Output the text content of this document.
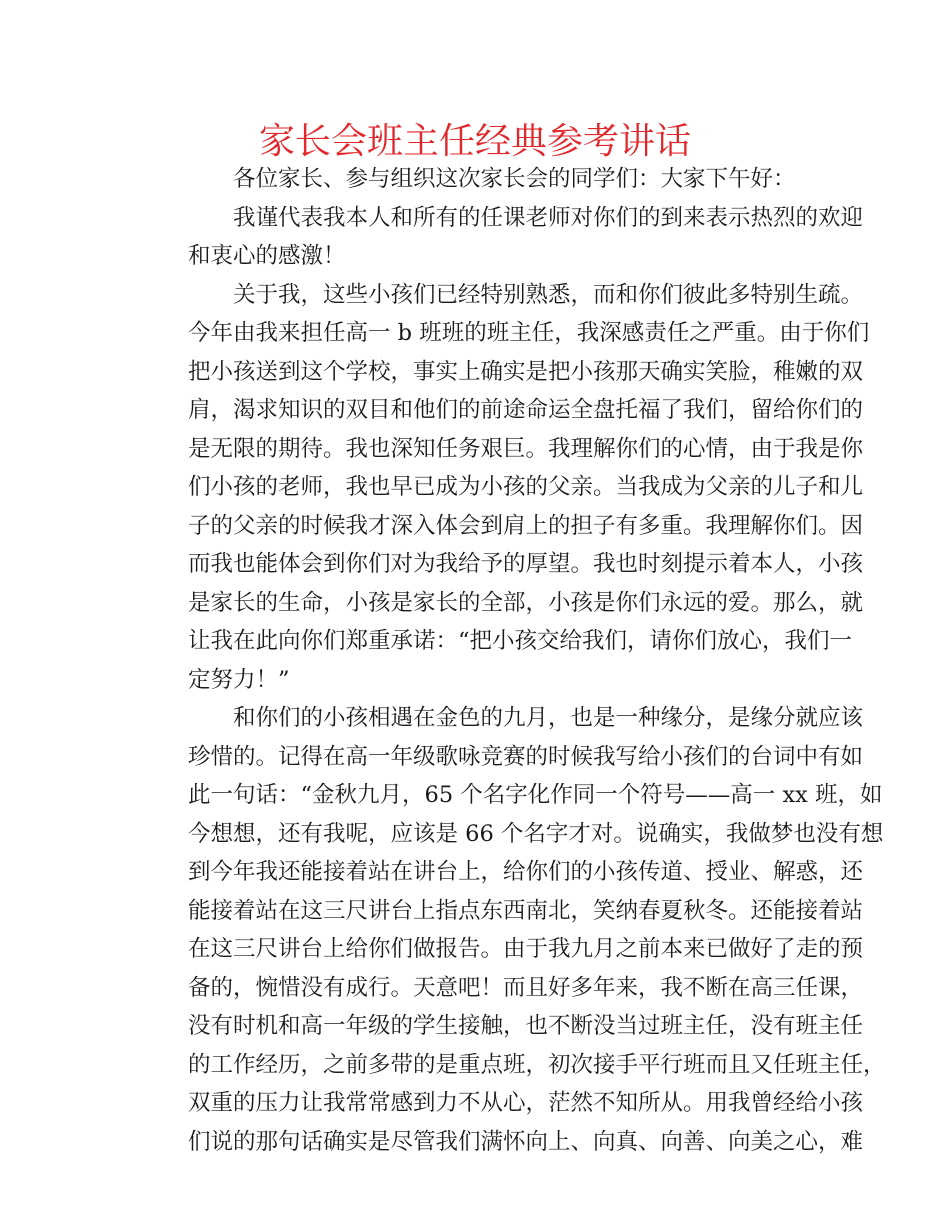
家长会班主任经典参考讲话
各位家长、参与组织这次家长会的同学们：大家下午好：
我谨代表我本人和所有的任课老师对你们的到来表示热烈的欢迎
和衷心的感激！
关于我，这些小孩们已经特别熟悉，而和你们彼此多特别生疏。
今年由我来担任高一 b 班班的班主任，我深感责任之严重。由于你们
把小孩送到这个学校，事实上确实是把小孩那天确实笑脸，稚嫩的双
肩，渴求知识的双目和他们的前途命运全盘托福了我们，留给你们的
是无限的期待。我也深知任务艰巨。我理解你们的心情，由于我是你
们小孩的老师，我也早已成为小孩的父亲。当我成为父亲的儿子和儿
子的父亲的时候我才深入体会到肩上的担子有多重。我理解你们。因
而我也能体会到你们对为我给予的厚望。我也时刻提示着本人，小孩
是家长的生命，小孩是家长的全部，小孩是你们永远的爱。那么，就
让我在此向你们郑重承诺：“把小孩交给我们，请你们放心，我们一
定努力！”
和你们的小孩相遇在金色的九月，也是一种缘分，是缘分就应该
珍惜的。记得在高一年级歌咏竞赛的时候我写给小孩们的台词中有如
此一句话：“金秋九月，65 个名字化作同一个符号——高一 xx 班，如
今想想，还有我呢，应该是 66 个名字才对。说确实，我做梦也没有想
到今年我还能接着站在讲台上，给你们的小孩传道、授业、解惑，还
能接着站在这三尺讲台上指点东西南北，笑纳春夏秋冬。还能接着站
在这三尺讲台上给你们做报告。由于我九月之前本来已做好了走的预
备的，惋惜没有成行。天意吧！而且好多年来，我不断在高三任课，
没有时机和高一年级的学生接触，也不断没当过班主任，没有班主任
的工作经历，之前多带的是重点班，初次接手平行班而且又任班主任，
双重的压力让我常常感到力不从心，茫然不知所从。用我曾经给小孩
们说的那句话确实是尽管我们满怀向上、向真、向善、向美之心，难
